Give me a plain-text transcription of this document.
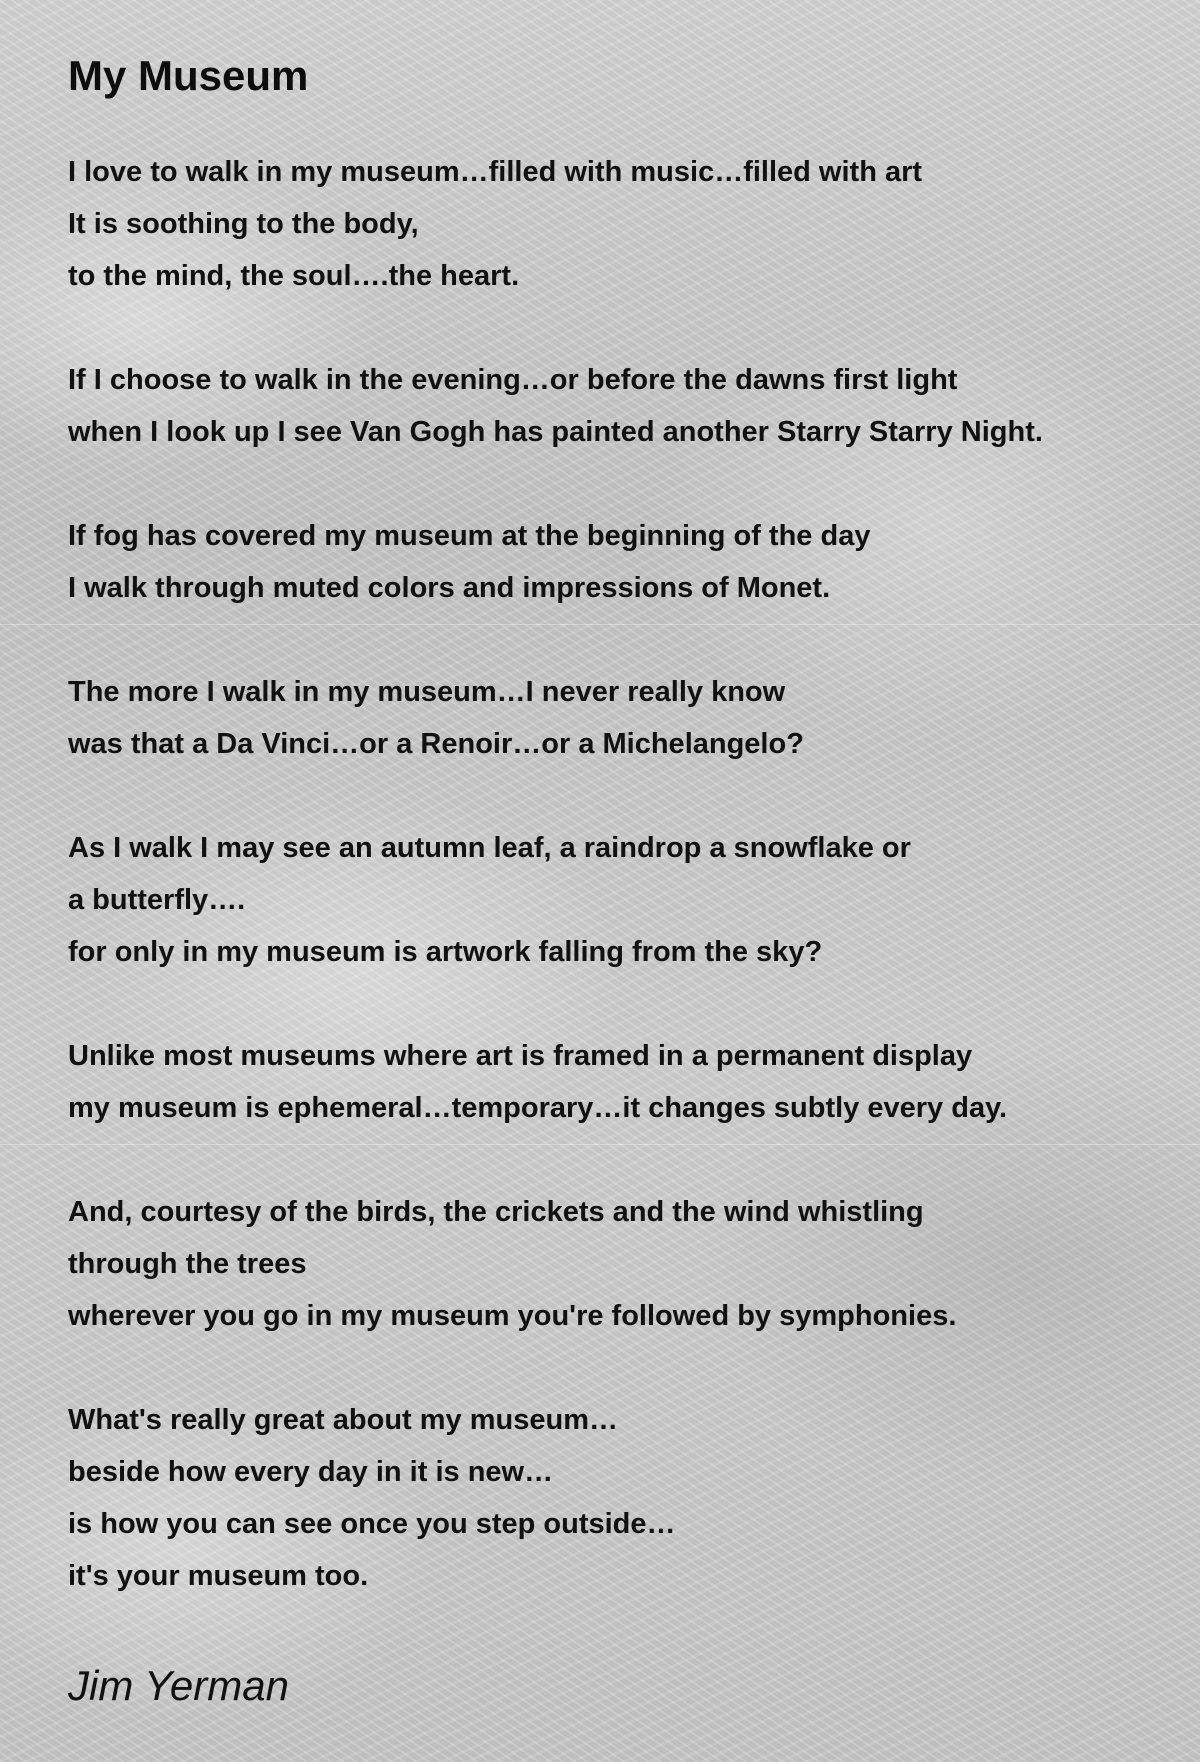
My Museum
I love to walk in my museum…filled with music…filled with art
It is soothing to the body,
to the mind, the soul….the heart.
If I choose to walk in the evening…or before the dawns first light
when I look up I see Van Gogh has painted another Starry Starry Night.
If fog has covered my museum at the beginning of the day
I walk through muted colors and impressions of Monet.
The more I walk in my museum…I never really know
was that a Da Vinci…or a Renoir…or a Michelangelo?
As I walk I may see an autumn leaf, a raindrop a snowflake or
a butterfly….
for only in my museum is artwork falling from the sky?
Unlike most museums where art is framed in a permanent display
my museum is ephemeral…temporary…it changes subtly every day.
And, courtesy of the birds, the crickets and the wind whistling
through the trees
wherever you go in my museum you're followed by symphonies.
What's really great about my museum…
beside how every day in it is new…
is how you can see once you step outside…
it's your museum too.
Jim Yerman
